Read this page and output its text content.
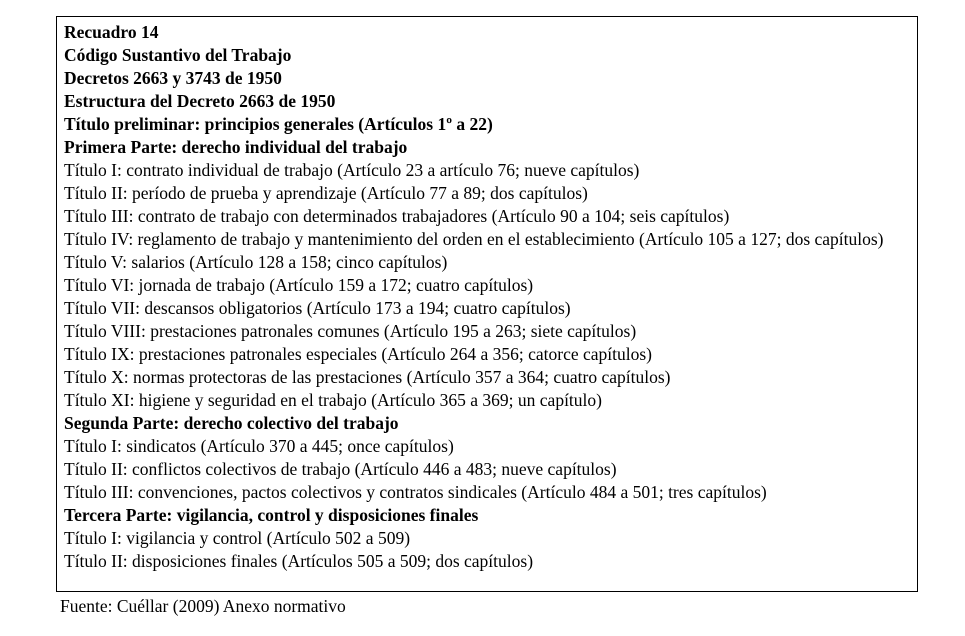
Recuadro 14
Código Sustantivo del Trabajo
Decretos 2663 y 3743 de 1950
Estructura del Decreto 2663 de 1950
Título preliminar: principios generales (Artículos 1º a 22)
Primera Parte: derecho individual del trabajo
Título I: contrato individual de trabajo (Artículo 23 a artículo 76; nueve capítulos)
Título II: período de prueba y aprendizaje (Artículo 77 a 89; dos capítulos)
Título III: contrato de trabajo con determinados trabajadores (Artículo 90 a 104; seis capítulos)
Título IV: reglamento de trabajo y mantenimiento del orden en el establecimiento (Artículo 105 a 127; dos capítulos)
Título V: salarios (Artículo 128 a 158; cinco capítulos)
Título VI: jornada de trabajo (Artículo 159 a 172; cuatro capítulos)
Título VII: descansos obligatorios (Artículo 173 a 194; cuatro capítulos)
Título VIII: prestaciones patronales comunes (Artículo 195 a 263; siete capítulos)
Título IX: prestaciones patronales especiales (Artículo 264 a 356; catorce capítulos)
Título X: normas protectoras de las prestaciones (Artículo 357 a 364; cuatro capítulos)
Título XI: higiene y seguridad en el trabajo (Artículo 365 a 369; un capítulo)
Segunda Parte: derecho colectivo del trabajo
Título I: sindicatos (Artículo 370 a 445; once capítulos)
Título II: conflictos colectivos de trabajo (Artículo 446 a 483; nueve capítulos)
Título III: convenciones, pactos colectivos y contratos sindicales (Artículo 484 a 501; tres capítulos)
Tercera Parte: vigilancia, control y disposiciones finales
Título I: vigilancia y control (Artículo 502 a 509)
Título II: disposiciones finales (Artículos 505 a 509; dos capítulos)
Fuente: Cuéllar (2009) Anexo normativo
